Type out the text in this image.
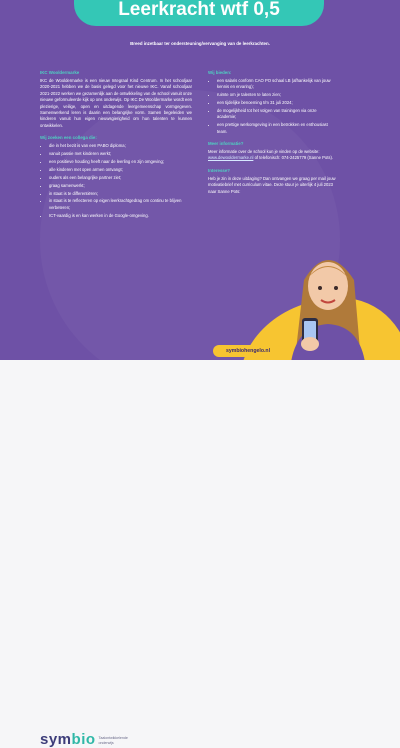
Leerkracht wtf 0,5
Breed inzetbaar ter ondersteuning/vervanging van de leerkrachten.
IKC Wooldermarke
IKC de Wooldermarke is een nieuw Integraal Kind Centrum. In het schooljaar 2020-2021 hebben we de basis gelegd voor het nieuwe IKC. Vanaf schooljaar 2021-2022 werken we gezamenlijk aan de ontwikkeling van de school vanuit onze nieuwe geformuleerde kijk op ons onderwijs. Op IKC De Wooldermarke wordt een plezierige, veilige, open en uitdagende leergemeenschap vormgegeven. Samenwerkend leren is daarin een belangrijke vorm. Samen begeleiden we kinderen vanuit hun eigen nieuwsgierigheid om hun talenten te kunnen ontwikkelen.
Wij zoeken een collega die:
• die in het bezit is van een PABO diploma;
• vanuit passie met kinderen werkt;
• een positieve houding heeft naar de leerling en zijn omgeving;
• alle kinderen met open armen ontvangt;
• ouders als een belangrijke partner ziet;
• graag samenwerkt;
• in staat is te differentiëren;
• in staat is te reflecteren op eigen leerkrachtgedrag om continu te blijven verbeteren;
• ICT-vaardig is en kan werken in de Google-omgeving.
Wij bieden:
• een salaris conform CAO PO schaal LB (afhankelijk van jouw kennis en ervaring);
• ruimte om je talenten te laten zien;
• een tijdelijke benoeming t/m 31 juli 2024;
• de mogelijkheid tot het volgen van trainingen via onze academie;
• een prettige werkomgeving in een betrokken en enthousiast team.
Meer informatie?
Meer informatie over de school kun je vinden op de website: www.dewooldermarke.nl of telefonisch: 074-2425779 (Sanne Pots).
Interesse?
Heb je zin in deze uitdaging? Dan ontvangen we graag per mail jouw motivatiebrief met curriculum vitae. Deze stuur je uiterlijk 4 juli 2023 naar Sanne Pots:
symbiohengelo.nl
symbio Taalontwikkelende
onderwijs
